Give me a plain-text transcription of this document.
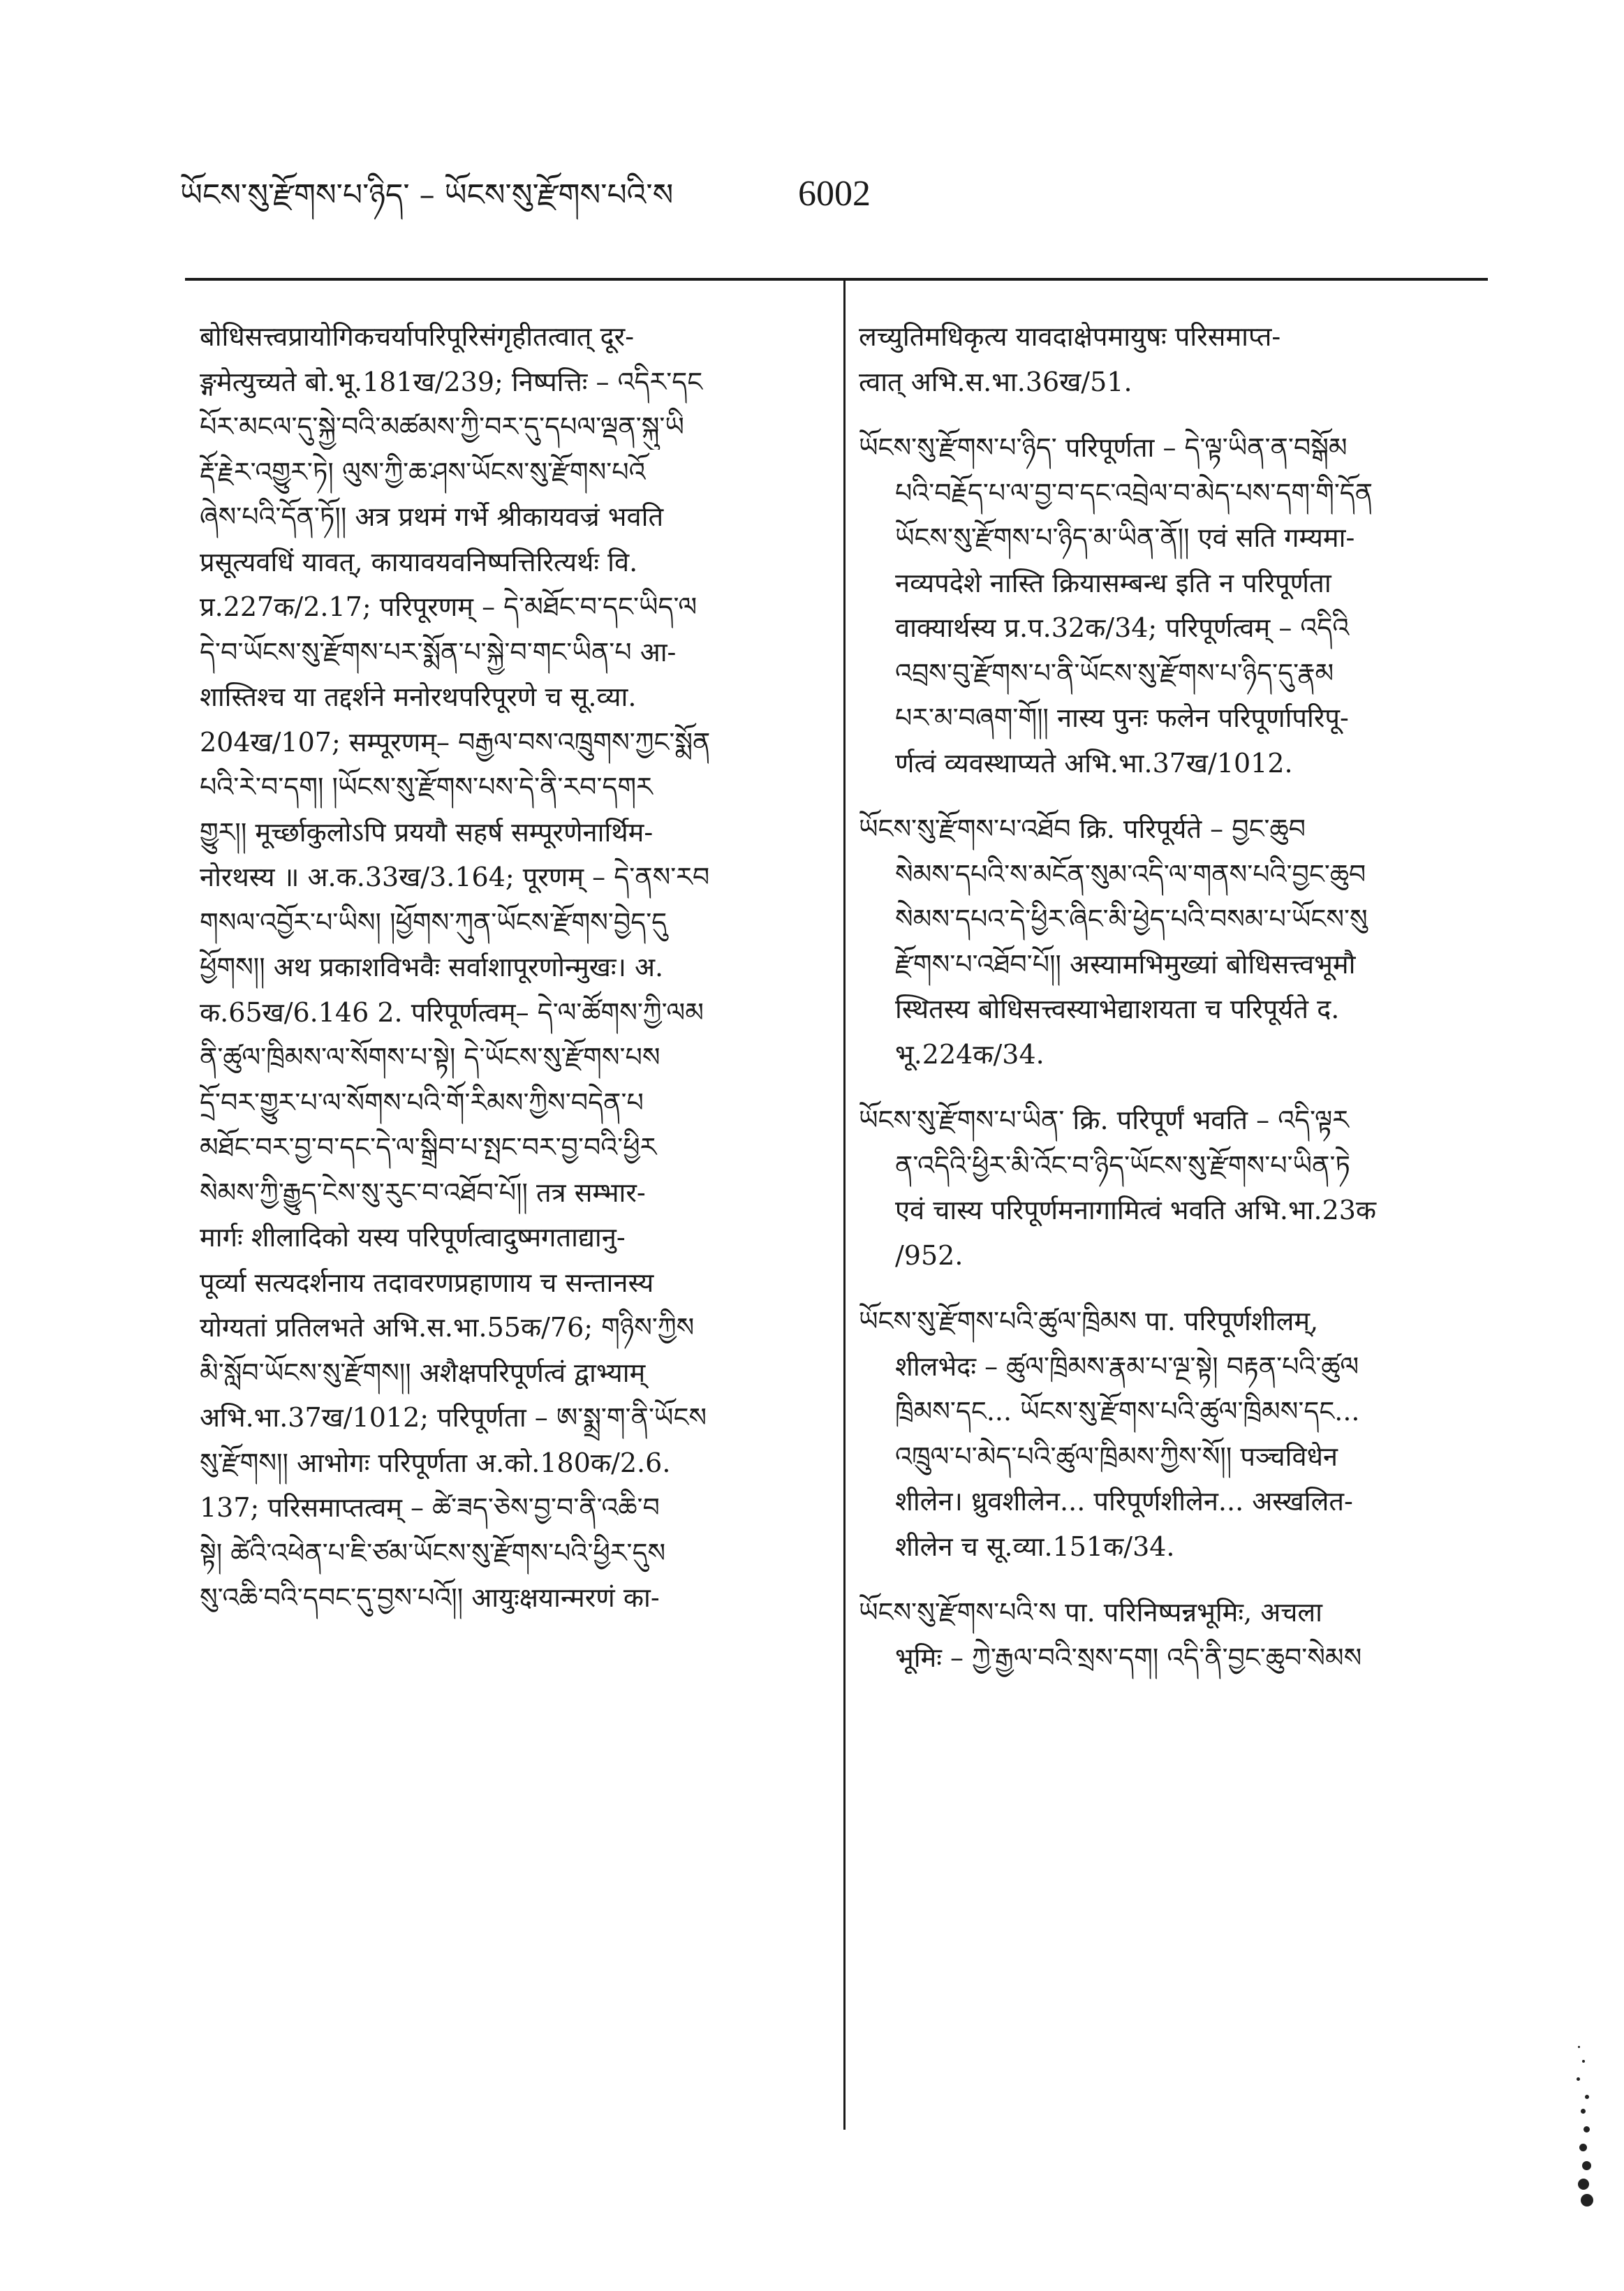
ཡོངས་སུ་རྫོགས་པ་ཉིད་ – ཡོངས་སུ་རྫོགས་པའི་ས	6002
बोधिसत्त्वप्रायोगिकचर्यापरिपूरिसंगृहीतत्वात् दूर-
ङ्गमेत्युच्यते बो.भू.181ख/239; निष्पत्तिः – འདིར་དང
པོར་མངལ་དུ་སྐྱེ་བའི་མཚམས་ཀྱི་བར་དུ་དཔལ་ལྡན་སྐུ་ཡི
རྡོ་རྗེར་འགྱུར་ཏེ། ལུས་ཀྱི་ཆ་ཤས་ཡོངས་སུ་རྫོགས་པའོ
ཞེས་པའི་དོན་ཏོ།། अत्र प्रथमं गर्भे श्रीकायवज्रं भवति
प्रसूत्यवधिं यावत्, कायावयवनिष्पत्तिरित्यर्थः वि.
प्र.227क/2.17; परिपूरणम् – དེ་མཐོང་བ་དང་ཡིད་ལ
དེ་བ་ཡོངས་སུ་རྫོགས་པར་སྨོན་པ་སྐྱེ་བ་གང་ཡིན་པ आ-
शास्तिश्च या तद्दर्शने मनोरथपरिपूरणे च सू.व्या.
204ख/107; सम्पूरणम्– བརྒྱལ་བས་འཁྲུགས་ཀྱང་སྨོན
པའི་རེ་བ་དག། །ཡོངས་སུ་རྫོགས་པས་དེ་ནི་རབ་དགར
གྱུར།། मूर्च्छाकुलोऽपि प्रययौ सहर्ष सम्पूरणेनार्थिम-
नोरथस्य ॥ अ.क.33ख/3.164; पूरणम् – དེ་ནས་རབ
གསལ་འབྱོར་པ་ཡིས། །ཕྱོགས་ཀུན་ཡོངས་རྫོགས་བྱེད་དུ
ཕྱོགས།། अथ प्रकाशविभवैः सर्वाशापूरणोन्मुखः। अ.
क.65ख/6.146 2. परिपूर्णत्वम्– དེ་ལ་ཚོགས་ཀྱི་ལམ
ནི་ཚུལ་ཁྲིམས་ལ་སོགས་པ་སྟེ། དེ་ཡོངས་སུ་རྫོགས་པས
དྲོ་བར་གྱུར་པ་ལ་སོགས་པའི་གོ་རིམས་ཀྱིས་བདེན་པ
མཐོང་བར་བྱ་བ་དང་དེ་ལ་སྒྲིབ་པ་སྤང་བར་བྱ་བའི་ཕྱིར
སེམས་ཀྱི་རྒྱུད་ངེས་སུ་རུང་བ་འཐོབ་པོ།། तत्र सम्भार-
मार्गः शीलादिको यस्य परिपूर्णत्वादुष्मगताद्यानु-
पूर्व्या सत्यदर्शनाय तदावरणप्रहाणाय च सन्तानस्य
योग्यतां प्रतिलभते अभि.स.भा.55क/76; གཉིས་ཀྱིས
མི་སློབ་ཡོངས་སུ་རྫོགས།། अशैक्षपरिपूर्णत्वं द्वाभ्याम्
अभि.भा.37ख/1012; परिपूर्णता – ཨ་སྨྲ་ག་ནི་ཡོངས
སུ་རྫོགས།། आभोगः परिपूर्णता अ.को.180क/2.6.
137; परिसमाप्तत्वम् – ཚེ་ཟད་ཅེས་བྱ་བ་ནི་འཆི་བ
སྟེ། ཚེའི་འཕེན་པ་ཇི་ཙམ་ཡོངས་སུ་རྫོགས་པའི་ཕྱིར་དུས
སུ་འཆི་བའི་དབང་དུ་བྱས་པའོ།། आयुःक्षयान्मरणं का-
लच्युतिमधिकृत्य यावदाक्षेपमायुषः परिसमाप्त-
त्वात् अभि.स.भा.36ख/51.
ཡོངས་སུ་རྫོགས་པ་ཉིད་ परिपूर्णता – དེ་ལྟ་ཡིན་ན་བསྒོམ
པའི་བརྗོད་པ་ལ་བྱ་བ་དང་འབྲེལ་བ་མེད་པས་དག་གི་དོན
ཡོངས་སུ་རྫོགས་པ་ཉིད་མ་ཡིན་ནོ།། एवं सति गम्यमा-
नव्यपदेशे नास्ति क्रियासम्बन्ध इति न परिपूर्णता
वाक्यार्थस्य प्र.प.32क/34; परिपूर्णत्वम् – འདིའི
འབྲས་བུ་རྫོགས་པ་ནི་ཡོངས་སུ་རྫོགས་པ་ཉིད་དུ་རྣམ
པར་མ་བཞག་གོ།། नास्य पुनः फलेन परिपूर्णापरिपू-
र्णत्वं व्यवस्थाप्यते अभि.भा.37ख/1012.
ཡོངས་སུ་རྫོགས་པ་འཐོབ क्रि. परिपूर्यते – བྱང་ཆུབ
སེམས་དཔའི་ས་མངོན་སུམ་འདི་ལ་གནས་པའི་བྱང་ཆུབ
སེམས་དཔའ་དེ་ཕྱིར་ཞིང་མི་ཕྱེད་པའི་བསམ་པ་ཡོངས་སུ
རྫོགས་པ་འཐོབ་པོ།། अस्यामभिमुख्यां बोधिसत्त्वभूमौ
स्थितस्य बोधिसत्त्वस्याभेद्याशयता च परिपूर्यते द.
भू.224क/34.
ཡོངས་སུ་རྫོགས་པ་ཡིན་ क्रि. परिपूर्णं भवति – འདི་ལྟར
ན་འདིའི་ཕྱིར་མི་འོང་བ་ཉིད་ཡོངས་སུ་རྫོགས་པ་ཡིན་ཏེ
एवं चास्य परिपूर्णमनागामित्वं भवति अभि.भा.23क
/952.
ཡོངས་སུ་རྫོགས་པའི་ཚུལ་ཁྲིམས पा. परिपूर्णशीलम्,
शीलभेदः – ཚུལ་ཁྲིམས་རྣམ་པ་ལྔ་སྟེ། བརྟན་པའི་ཚུལ
ཁྲིམས་དང... ཡོངས་སུ་རྫོགས་པའི་ཚུལ་ཁྲིམས་དང...
འཁྲུལ་པ་མེད་པའི་ཚུལ་ཁྲིམས་ཀྱིས་སོ།། पञ्चविधेन
शीलेन। ध्रुवशीलेन... परिपूर्णशीलेन... अस्खलित-
शीलेन च सू.व्या.151क/34.
ཡོངས་སུ་རྫོགས་པའི་ས पा. परिनिष्पन्नभूमिः, अचला
भूमिः – ཀྱེ་རྒྱལ་བའི་སྲས་དག། འདི་ནི་བྱང་ཆུབ་སེམས
